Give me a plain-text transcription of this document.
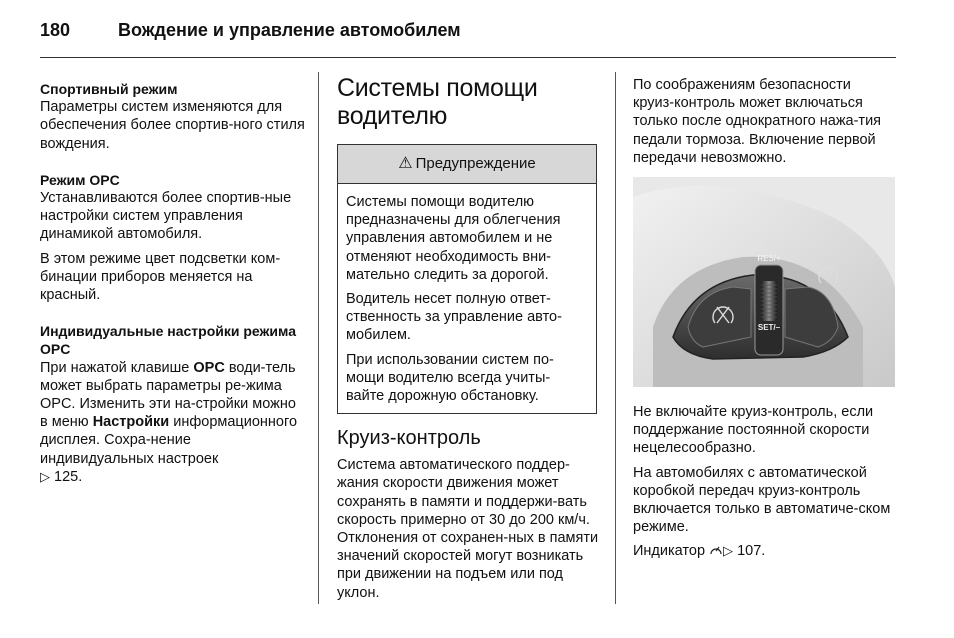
180	Вождение и управление автомобилем

Спортивный режим

Параметры систем изменяются для обеспечения более спортив-ного стиля вождения.

Режим OPC

Устанавливаются более спортив-ные настройки систем управления динамикой автомобиля.

В этом режиме цвет подсветки ком-бинации приборов меняется на красный.

Индивидуальные настройки режима OPC

При нажатой клавише OPC води-тель может выбрать параметры ре-жима OPC. Изменить эти на-стройки можно в меню Настройки информационного дисплея. Сохра-нение индивидуальных настроек
▷ 125.

Системы помощи водителю
⚠ Предупреждение

Системы помощи водителю предназначены для облегчения управления автомобилем и не отменяют необходимость вни-мательно следить за дорогой.

Водитель несет полную ответ-ственность за управление авто-мобилем.

При использовании систем по-мощи водителю всегда учиты-вайте дорожную обстановку.

Круиз-контроль

Система автоматического поддер-жания скорости движения может сохранять в памяти и поддержи-вать скорость примерно от 30 до 200 км/ч. Отклонения от сохранен-ных в памяти значений скоростей могут возникать при движении на подъем или под уклон.

По соображениям безопасности круиз-контроль может включаться только после однократного нажа-тия педали тормоза. Включение первой передачи невозможно.

RES/+
SET/–

Не включайте круиз-контроль, если поддержание постоянной скорости нецелесообразно.

На автомобилях с автоматической коробкой передач круиз-контроль включается только в автоматиче-ском режиме.

Индикатор ▷ 107.
